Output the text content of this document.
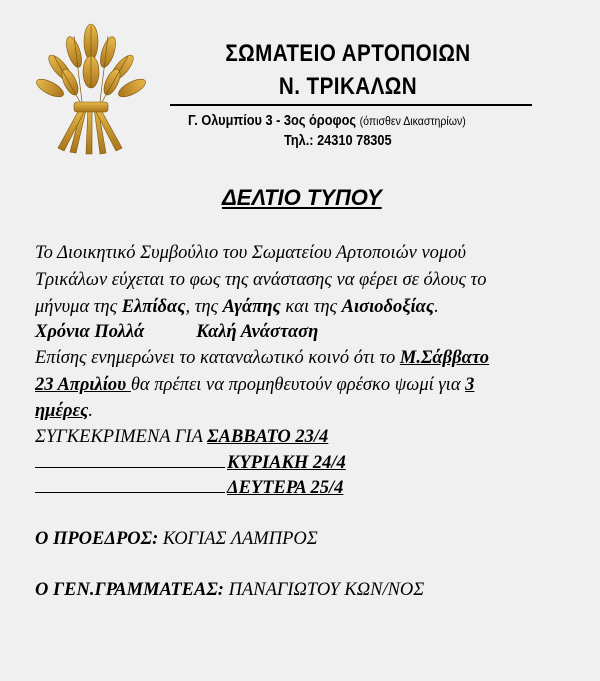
ΣΩΜΑΤΕΙΟ ΑΡΤΟΠΟΙΩΝ
Ν. ΤΡΙΚΑΛΩΝ
Γ. Ολυμπίου 3 - 3ος όροφος (όπισθεν Δικαστηρίων)
Τηλ.: 24310 78305
ΔΕΛΤΙΟ ΤΥΠΟΥ
Το Διοικητικό Συμβούλιο του Σωματείου Αρτοποιών νομού
Τρικάλων εύχεται το φως της ανάστασης να φέρει σε όλους το
μήνυμα της Ελπίδας, της Αγάπης και της Αισιοδοξίας.
Χρόνια Πολλά	Καλή Ανάσταση
Επίσης ενημερώνει το καταναλωτικό κοινό ότι το Μ.Σάββατο
23 Απριλίου θα πρέπει να προμηθευτούν φρέσκο ψωμί για 3
ημέρες.
ΣΥΓΚΕΚΡΙΜΕΝΑ ΓΙΑ ΣΑΒΒΑΤΟ 23/4
ΚΥΡΙΑΚΗ 24/4
ΔΕΥΤΕΡΑ 25/4
Ο ΠΡΟΕΔΡΟΣ: ΚΟΓΙΑΣ ΛΑΜΠΡΟΣ
Ο ΓΕΝ.ΓΡΑΜΜΑΤΕΑΣ: ΠΑΝΑΓΙΩΤΟΥ ΚΩΝ/ΝΟΣ
